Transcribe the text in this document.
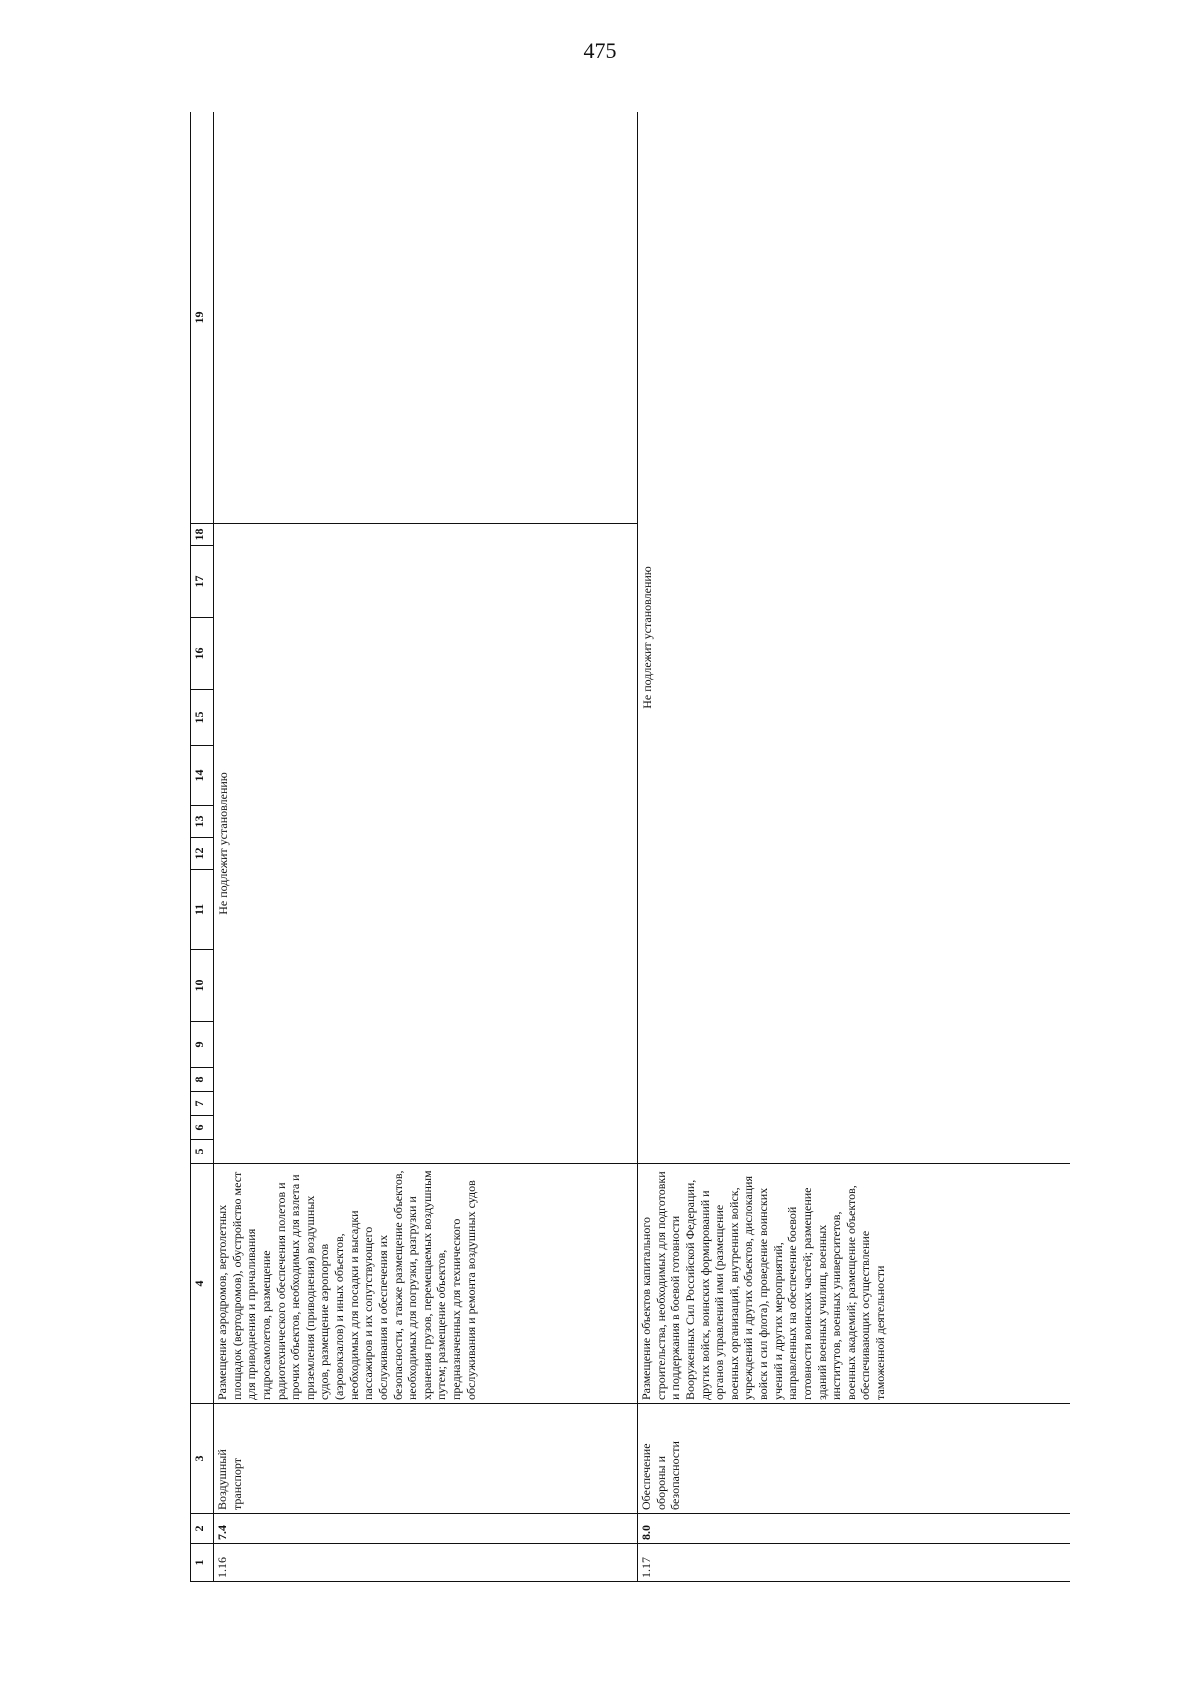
475
1	2	3	4	5	6	7	8	9	10	11	12	13	14	15	16	17	18	19
1.16	7.4	Воздушный транспорт	Размещение аэродромов, вертолетных площадок (вертодромов), обустройство мест для приводнения и причаливания гидросамолетов, размещение радиотехнического обеспечения полетов и прочих объектов, необходимых для взлета и приземления (приводнения) воздушных судов, размещение аэропортов (аэровокзалов) и иных объектов, необходимых для посадки и высадки пассажиров и их сопутствующего обслуживания и обеспечения их безопасности, а также размещение объектов, необходимых для погрузки, разгрузки и хранения грузов, перемещаемых воздушным путем; размещение объектов, предназначенных для технического обслуживания и ремонта воздушных судов	Не подлежит установлению														
1.17	8.0	Обеспечение обороны и безопасности	Размещение объектов капитального строительства, необходимых для подготовки и поддержания в боевой готовности Вооруженных Сил Российской Федерации, других войск, воинских формирований и органов управлений ими (размещение военных организаций, внутренних войск, учреждений и других объектов, дислокация войск и сил флота), проведение воинских учений и других мероприятий, направленных на обеспечение боевой готовности воинских частей; размещение зданий военных училищ, военных институтов, военных университетов, военных академий; размещение объектов, обеспечивающих осуществление таможенной деятельности	Не подлежит установлению														
